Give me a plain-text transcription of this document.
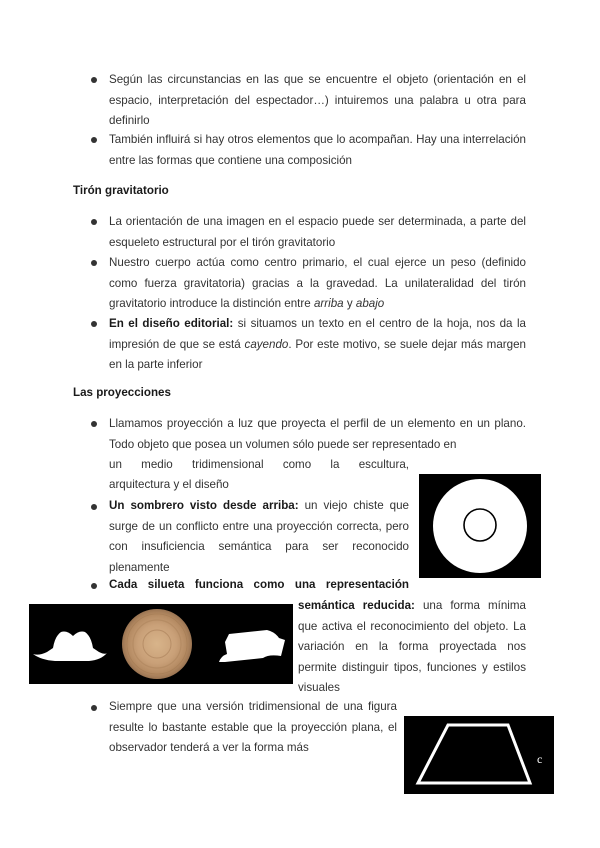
Según las circunstancias en las que se encuentre el objeto (orientación en el espacio, interpretación del espectador…) intuiremos una palabra u otra para definirlo
También influirá si hay otros elementos que lo acompañan. Hay una interrelación entre las formas que contiene una composición
Tirón gravitatorio
La orientación de una imagen en el espacio puede ser determinada, a parte del esqueleto estructural por el tirón gravitatorio
Nuestro cuerpo actúa como centro primario, el cual ejerce un peso (definido como fuerza gravitatoria) gracias a la gravedad. La unilateralidad del tirón gravitatorio introduce la distinción entre arriba y abajo
En el diseño editorial: si situamos un texto en el centro de la hoja, nos da la impresión de que se está cayendo. Por este motivo, se suele dejar más margen en la parte inferior
Las proyecciones
Llamamos proyección a luz que proyecta el perfil de un elemento en un plano. Todo objeto que posea un volumen sólo puede ser representado en
un medio tridimensional como la escultura,
arquitectura y el diseño
Un sombrero visto desde arriba: un viejo chiste que surge de un conflicto entre una proyección correcta, pero con insuficiencia semántica para ser reconocido plenamente
Cada silueta funciona como una representación
semántica reducida: una forma mínima que activa el reconocimiento del objeto. La variación en la forma proyectada nos permite distinguir tipos, funciones y estilos visuales
Siempre que una versión tridimensional de una figura resulte lo bastante estable que la proyección plana, el observador tenderá a ver la forma más
c
